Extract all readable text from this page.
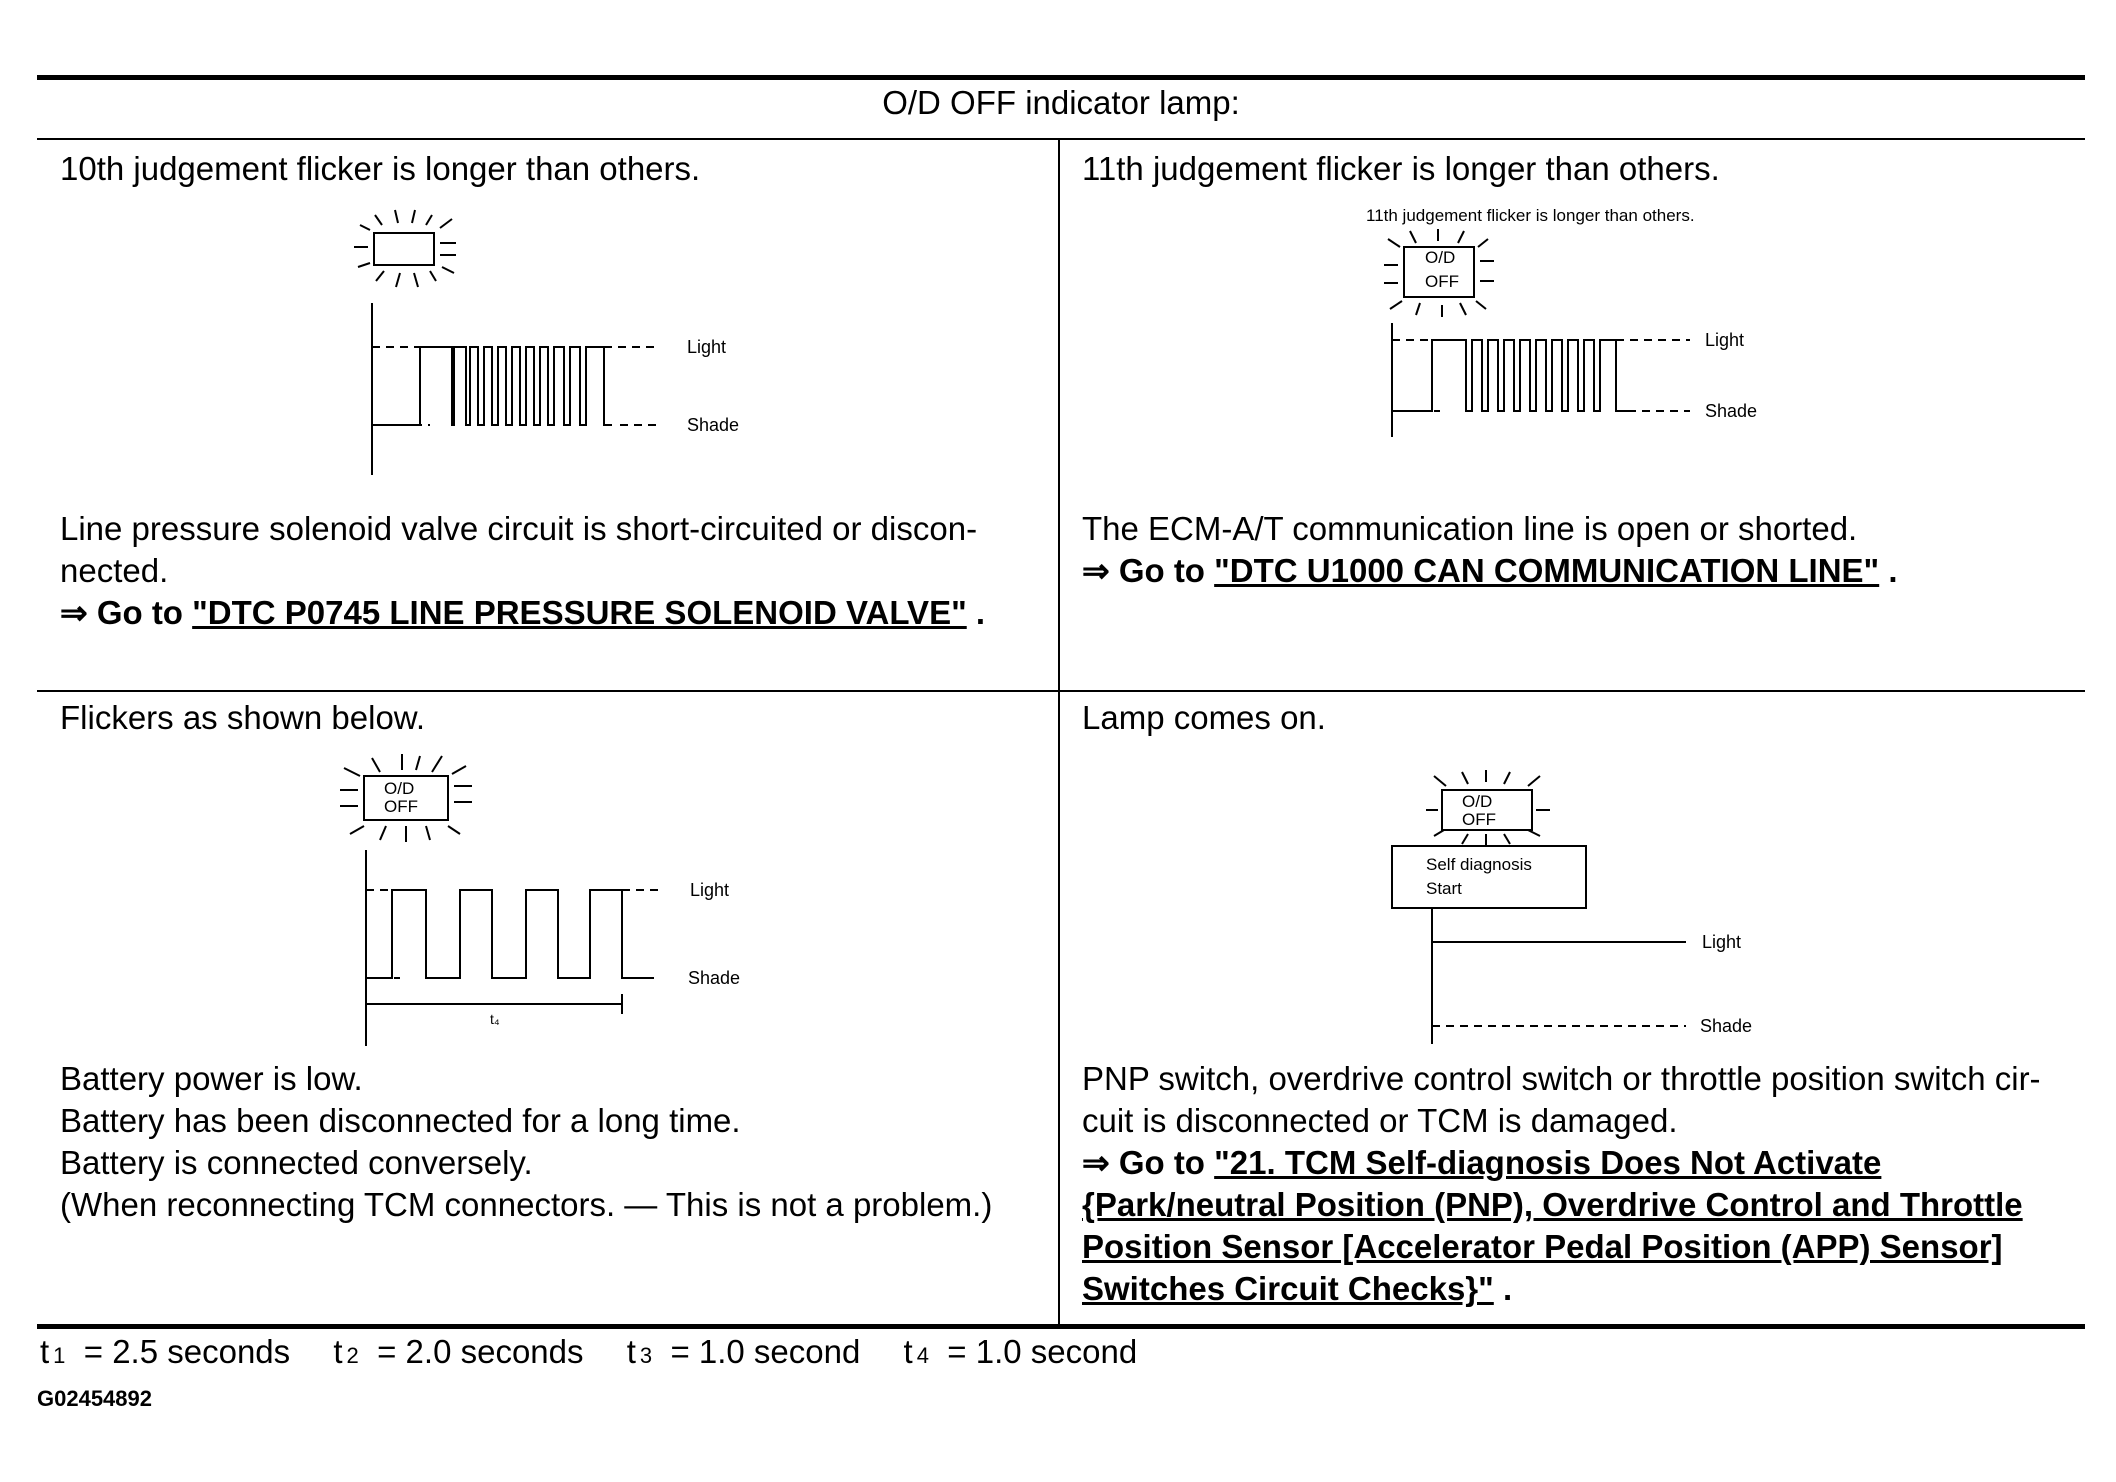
O/D OFF indicator lamp:
10th judgement flicker is longer than others.
Light
Shade
Line pressure solenoid valve circuit is short-circuited or discon-nected.
⇒ Go to "DTC P0745 LINE PRESSURE SOLENOID VALVE" .
11th judgement flicker is longer than others.
11th judgement flicker is longer than others.
O/D
OFF
Light
Shade
The ECM-A/T communication line is open or shorted.
⇒ Go to "DTC U1000 CAN COMMUNICATION LINE" .
Flickers as shown below.
O/D
OFF
Light
Shade
t₄
Battery power is low.
Battery has been disconnected for a long time.
Battery is connected conversely.
(When reconnecting TCM connectors. — This is not a problem.)
Lamp comes on.
O/D
OFF
Self diagnosis
Start
Light
Shade
PNP switch, overdrive control switch or throttle position switch cir-cuit is disconnected or TCM is damaged.
⇒ Go to "21. TCM Self-diagnosis Does Not Activate {Park/neutral Position (PNP), Overdrive Control and Throttle Position Sensor [Accelerator Pedal Position (APP) Sensor] Switches Circuit Checks}" .
t 1 = 2.5 seconds t 2 = 2.0 seconds t 3 = 1.0 second t 4 = 1.0 second
G02454892
